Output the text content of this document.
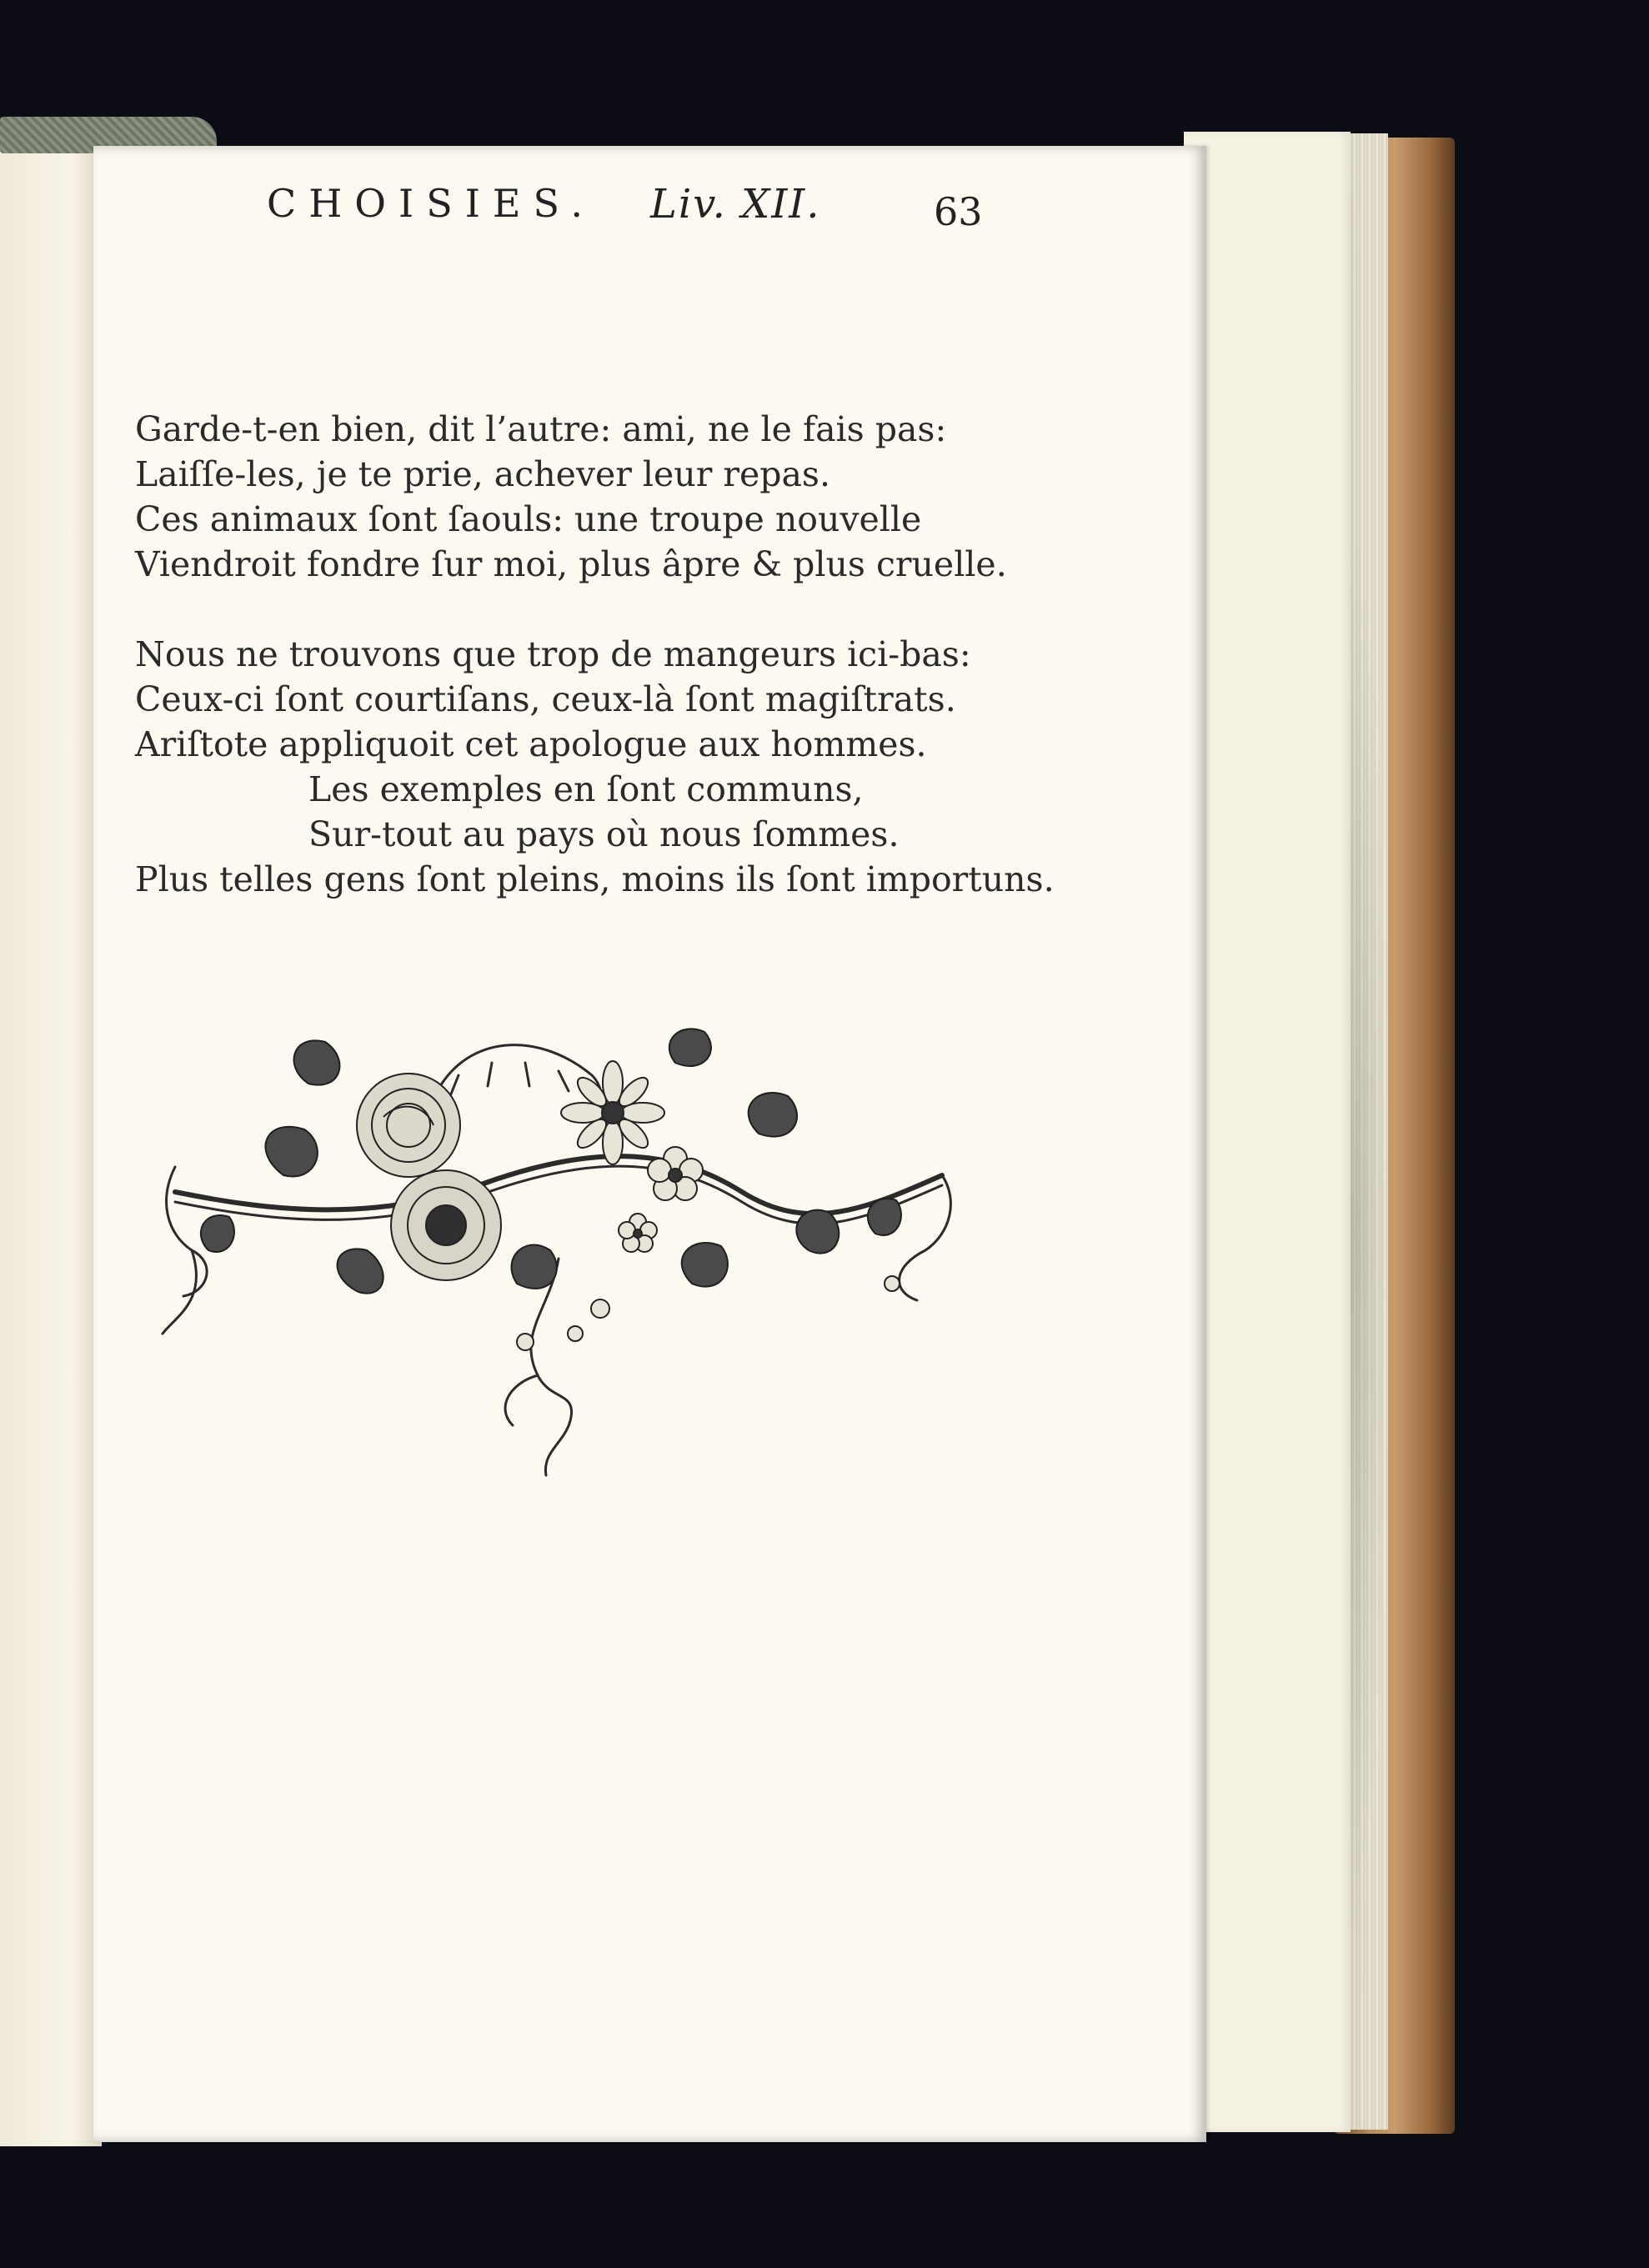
CHOISIES. Liv. XII.	63
Garde-t-en bien, dit l’autre: ami, ne le fais pas:
Laiſſe-les, je te prie, achever leur repas.
Ces animaux ſont ſaouls: une troupe nouvelle
Viendroit fondre ſur moi, plus âpre & plus cruelle.
Nous ne trouvons que trop de mangeurs ici-bas:
Ceux-ci ſont courtiſans, ceux-là ſont magiſtrats.
Ariſtote appliquoit cet apologue aux hommes.
Les exemples en ſont communs,
Sur-tout au pays où nous ſommes.
Plus telles gens ſont pleins, moins ils ſont importuns.
